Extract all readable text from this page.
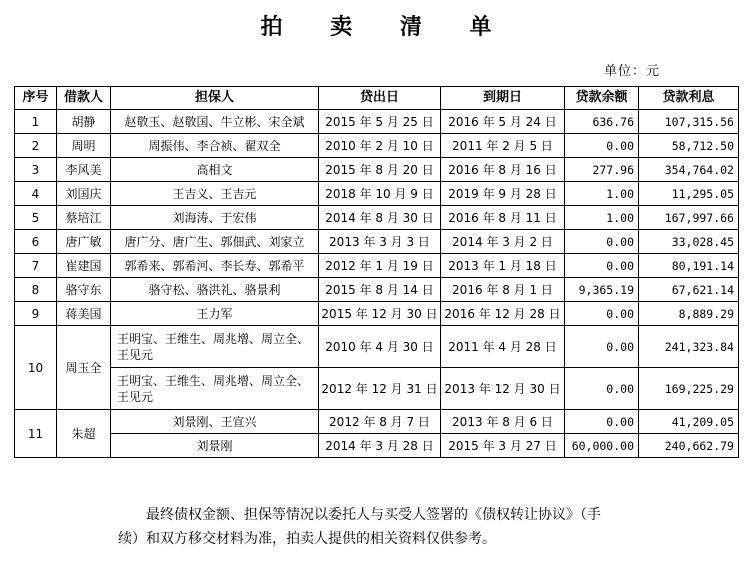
拍 卖 清 单
单位：元
序号	借款人	担保人	贷出日	到期日	贷款余额	贷款利息
1	胡静	赵敬玉、赵敬国、牛立彬、宋全斌	2015 年 5 月 25 日	2016 年 5 月 24 日	636.76	107,315.56
2	周明	周振伟、李合祯、翟双全	2010 年 2 月 10 日	2011 年 2 月 5 日	0.00	58,712.50
3	李风美	高相文	2015 年 8 月 20 日	2016 年 8 月 16 日	277.96	354,764.02
4	刘国庆	王吉义、王吉元	2018 年 10 月 9 日	2019 年 9 月 28 日	1.00	11,295.05
5	蔡培江	刘海涛、于宏伟	2014 年 8 月 30 日	2016 年 8 月 11 日	1.00	167,997.66
6	唐广敏	唐广分、唐广生、郭佃武、刘家立	2013 年 3 月 3 日	2014 年 3 月 2 日	0.00	33,028.45
7	崔建国	郭希来、郭希河、李长寿、郭希平	2012 年 1 月 19 日	2013 年 1 月 18 日	0.00	80,191.14
8	骆守东	骆守松、骆洪礼、骆景利	2015 年 8 月 14 日	2016 年 8 月 1 日	9,365.19	67,621.14
9	蒋美国	王力军	2015 年 12 月 30 日	2016 年 12 月 28 日	0.00	8,889.29
10	周玉全	王明宝、王维生、周兆增、周立全、王见元	2010 年 4 月 30 日	2011 年 4 月 28 日	0.00	241,323.84
		王明宝、王维生、周兆增、周立全、王见元	2012 年 12 月 31 日	2013 年 12 月 30 日	0.00	169,225.29
11	朱超	刘景刚、王宣兴	2012 年 8 月 7 日	2013 年 8 月 6 日	0.00	41,209.05
		刘景刚	2014 年 3 月 28 日	2015 年 3 月 27 日	60,000.00	240,662.79
最终债权金额、担保等情况以委托人与买受人签署的《债权转让协议》（手
续）和双方移交材料为准，拍卖人提供的相关资料仅供参考。
